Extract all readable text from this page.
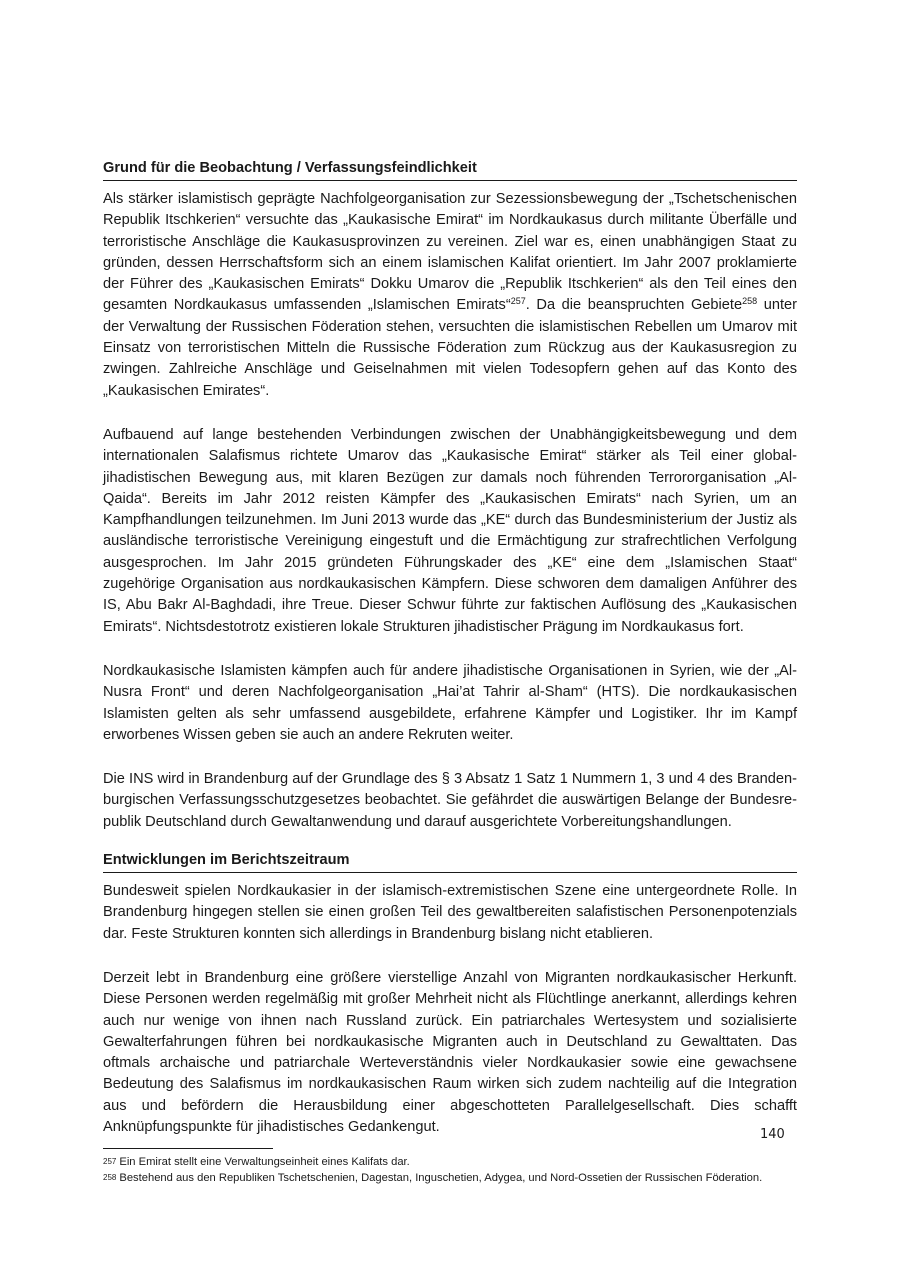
Grund für die Beobachtung / Verfassungsfeindlichkeit

Als stärker islamistisch geprägte Nachfolgeorganisation zur Sezessionsbewegung der „Tschetschenischen Republik Itschkerien“ versuchte das „Kaukasische Emirat“ im Nordkaukasus durch militante Überfälle und terroristische Anschläge die Kaukasusprovinzen zu vereinen. Ziel war es, einen unabhängigen Staat zu gründen, dessen Herrschaftsform sich an einem islamischen Kalifat orientiert. Im Jahr 2007 proklamierte der Führer des „Kaukasischen Emirats“ Dokku Umarov die „Republik Itschkerien“ als den Teil eines den gesamten Nordkaukasus umfassenden „Islamischen Emirats“$^{257}$. Da die beanspruchten Gebiete$^{258}$ unter der Verwaltung der Russischen Föderation stehen, versuchten die islamistischen Rebellen um Umarov mit Einsatz von terroristischen Mitteln die Russische Föderation zum Rückzug aus der Kaukasusregion zu zwingen. Zahlreiche Anschläge und Geiselnahmen mit vielen Todesopfern gehen auf das Konto des „Kaukasischen Emirates“.

Aufbauend auf lange bestehenden Verbindungen zwischen der Unabhängigkeitsbewegung und dem internationalen Salafismus richtete Umarov das „Kaukasische Emirat“ stärker als Teil einer global-jihadistischen Bewegung aus, mit klaren Bezügen zur damals noch führenden Terrororganisation „Al-Qaida“. Bereits im Jahr 2012 reisten Kämpfer des „Kaukasischen Emirats“ nach Syrien, um an Kampfhandlungen teilzunehmen. Im Juni 2013 wurde das „KE“ durch das Bundesministerium der Justiz als ausländische terroristische Vereinigung eingestuft und die Ermächtigung zur strafrechtlichen Verfolgung ausgesprochen. Im Jahr 2015 gründeten Führungskader des „KE“ eine dem „Islamischen Staat“ zugehörige Organisation aus nordkaukasischen Kämpfern. Diese schworen dem damaligen Anführer des IS, Abu Bakr Al-Baghdadi, ihre Treue. Dieser Schwur führte zur faktischen Auflösung des „Kaukasischen Emirats“. Nichtsdestotrotz existieren lokale Strukturen jihadistischer Prägung im Nordkaukasus fort.

Nordkaukasische Islamisten kämpfen auch für andere jihadistische Organisationen in Syrien, wie der „Al-Nusra Front“ und deren Nachfolgeorganisation „Hai’at Tahrir al-Sham“ (HTS). Die nordkaukasischen Islamisten gelten als sehr umfassend ausgebildete, erfahrene Kämpfer und Logistiker. Ihr im Kampf erworbenes Wissen geben sie auch an andere Rekruten weiter.

Die INS wird in Brandenburg auf der Grundlage des § 3 Absatz 1 Satz 1 Nummern 1, 3 und 4 des Brandenburgischen Verfassungsschutzgesetzes beobachtet. Sie gefährdet die auswärtigen Belange der Bundesrepublik Deutschland durch Gewaltanwendung und darauf ausgerichtete Vorbereitungshandlungen.

Entwicklungen im Berichtszeitraum

Bundesweit spielen Nordkaukasier in der islamisch-extremistischen Szene eine untergeordnete Rolle. In Brandenburg hingegen stellen sie einen großen Teil des gewaltbereiten salafistischen Personenpotenzials dar. Feste Strukturen konnten sich allerdings in Brandenburg bislang nicht etablieren.

Derzeit lebt in Brandenburg eine größere vierstellige Anzahl von Migranten nordkaukasischer Herkunft. Diese Personen werden regelmäßig mit großer Mehrheit nicht als Flüchtlinge anerkannt, allerdings kehren auch nur wenige von ihnen nach Russland zurück. Ein patriarchales Wertesystem und sozialisierte Gewalterfahrungen führen bei nordkaukasische Migranten auch in Deutschland zu Gewalttaten. Das oftmals archaische und patriarchale Werteverständnis vieler Nordkaukasier sowie eine gewachsene Bedeutung des Salafismus im nordkaukasischen Raum wirken sich zudem nachteilig auf die Integration aus und befördern die Herausbildung einer abgeschotteten Parallelgesellschaft. Dies schafft Anknüpfungspunkte für jihadistisches Gedankengut.

257 Ein Emirat stellt eine Verwaltungseinheit eines Kalifats dar.
258 Bestehend aus den Republiken Tschetschenien, Dagestan, Inguschetien, Adygea, und Nord-Ossetien der Russischen Föderation.
140
